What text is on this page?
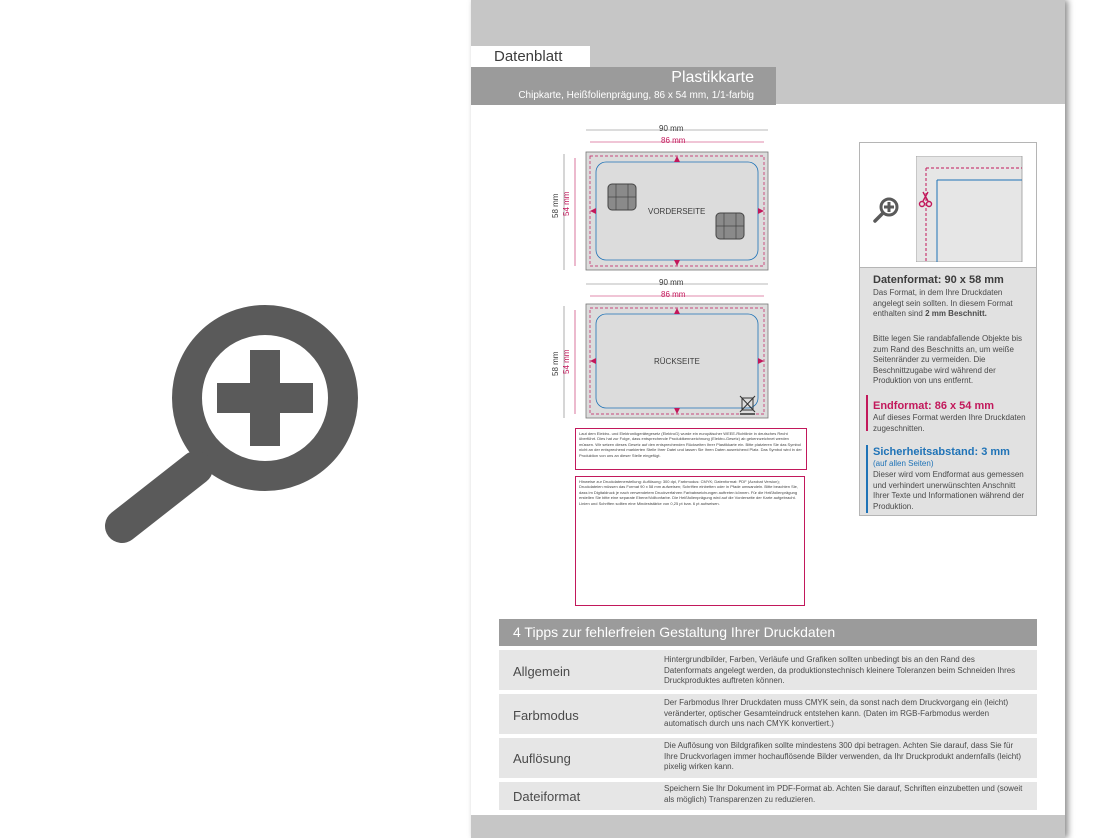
Datenblatt
Plastikkarte
Chipkarte, Heißfolienprägung, 86 x 54 mm, 1/1-farbig
90 mm
86 mm
58 mm 54 mm	VORDERSEITE
90 mm
86 mm
58 mm 54 mm	RÜCKSEITE
Laut dem Elektro- und Elektronikgerätegesetz (ElektroG) wurde ein europäischer WEEE-Richtlinie in deutsches Recht überführt. Dies hat zur Folge, dass entsprechende Produktkennzeichnung (Elektro-Gesetz) ab gekennzeichnet werden müssen. Wir setzen dieses Gesetz auf den entsprechenden Rückseiten Ihrer Plastikkarte ein. Bitte platzieren Sie das Symbol nicht an der entsprechend markierten Stelle Ihrer Datei und lassen Sie Ihren Daten ausreichend Platz. Das Symbol wird in der Produktion von uns an dieser Stelle eingefügt.
Hinweise zur Druckdatenerstellung: Auflösung: 300 dpi, Farbmodus: CMYK; Datenformat: PDF (Acrobat Version); Druckdateien müssen das Format 90 x 58 mm aufweisen; Schriften einbetten oder in Pfade umwandeln. Bitte beachten Sie, dass im Digitaldruck je nach verwendetem Druckverfahren Farbabweichungen auftreten können. Für die Heißfolienprägung erstellen Sie bitte eine separate Ebene/Volltonfarbe. Die Heißfolienprägung wird auf die Vorderseite der Karte aufgebracht. Linien und Schriften sollten eine Mindeststärke von 0,25 pt bzw. 6 pt aufweisen.
Datenformat: 90 x 58 mm
Das Format, in dem Ihre Druckdaten angelegt sein sollten. In diesem Format enthalten sind 2 mm Beschnitt.
Bitte legen Sie randabfallende Objekte bis zum Rand des Beschnitts an, um weiße Seitenränder zu vermeiden. Die Beschnittzugabe wird während der Produktion von uns entfernt.
Endformat: 86 x 54 mm
Auf dieses Format werden Ihre Druckdaten zugeschnitten.
Sicherheitsabstand: 3 mm
(auf allen Seiten)
Dieser wird vom Endformat aus gemessen und verhindert unerwünschten Anschnitt Ihrer Texte und Informationen während der Produktion.
4 Tipps zur fehlerfreien Gestaltung Ihrer Druckdaten
Allgemein
Hintergrundbilder, Farben, Verläufe und Grafiken sollten unbedingt bis an den Rand des Datenformats angelegt werden, da produktionstechnisch kleinere Toleranzen beim Schneiden Ihres Druckproduktes auftreten können.
Farbmodus
Der Farbmodus Ihrer Druckdaten muss CMYK sein, da sonst nach dem Druckvorgang ein (leicht) veränderter, optischer Gesamteindruck entstehen kann. (Daten im RGB-Farbmodus werden automatisch durch uns nach CMYK konvertiert.)
Auflösung
Die Auflösung von Bildgrafiken sollte mindestens 300 dpi betragen. Achten Sie darauf, dass Sie für Ihre Druckvorlagen immer hochauflösende Bilder verwenden, da Ihr Druckprodukt andernfalls (leicht) pixelig wirken kann.
Dateiformat
Speichern Sie Ihr Dokument im PDF-Format ab. Achten Sie darauf, Schriften einzubetten und (soweit als möglich) Transparenzen zu reduzieren.
